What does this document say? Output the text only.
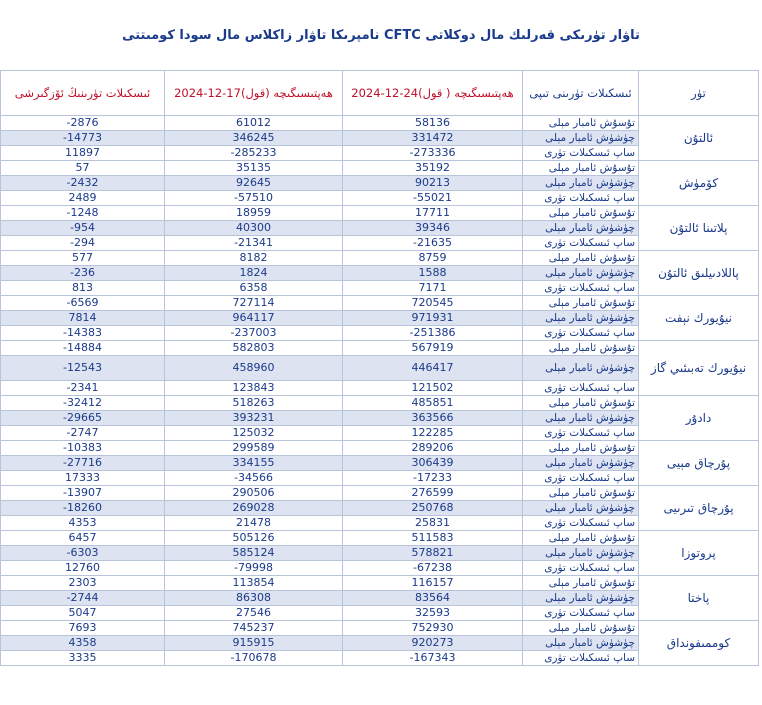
نامپرىكا تاۋار زاكلاس مال سودا كومىتتى CFTC تاۋار تۈرىكى قەرلىك مال دوكلاتى
ئىسكىلات تۈرىنىڭ ئۆزگىرشى	2024-12-17ھەپتىسىگىچە (قول)	2024-12-24ھەپتىسىگىچە ( قول)	ئىسكىلات تۈرىنى تىپى	تۈر
-2876	61012	58136	تۇسۇش ئامبار مېلى	ئالتۇن
-14773	346245	331472	چۈشۈش ئامبار مېلى	
11897	-285233	-273336	ساپ ئىسكىلات تۈرى	
57	35135	35192	تۇسۇش ئامبار مېلى	كۆمۈش
-2432	92645	90213	چۈشۈش ئامبار مېلى	
2489	-57510	-55021	ساپ ئىسكىلات تۈرى	
-1248	18959	17711	تۇسۇش ئامبار مېلى	پلاتىنا ئالتۇن
-954	40300	39346	چۈشۈش ئامبار مېلى	
-294	-21341	-21635	ساپ ئىسكىلات تۈرى	
577	8182	8759	تۇسۇش ئامبار مېلى	پاللادىيلىق ئالتۇن
-236	1824	1588	چۈشۈش ئامبار مېلى	
813	6358	7171	ساپ ئىسكىلات تۈرى	
-6569	727114	720545	تۇسۇش ئامبار مېلى	نيۇيورك نېفت
7814	964117	971931	چۈشۈش ئامبار مېلى	
-14383	-237003	-251386	ساپ ئىسكىلات تۈرى	
-14884	582803	567919	تۇسۇش ئامبار مېلى	نيۇيورك تەبىئىي گاز
-12543	458960	446417	چۈشۈش ئامبار مېلى	
-2341	123843	121502	ساپ ئىسكىلات تۈرى	
-32412	518263	485851	تۇسۇش ئامبار مېلى	دادۇر
-29665	393231	363566	چۈشۈش ئامبار مېلى	
-2747	125032	122285	ساپ ئىسكىلات تۈرى	
-10383	299589	289206	تۇسۇش ئامبار مېلى	پۇرچاق مېيى
-27716	334155	306439	چۈشۈش ئامبار مېلى	
17333	-34566	-17233	ساپ ئىسكىلات تۈرى	
-13907	290506	276599	تۇسۇش ئامبار مېلى	پۇرچاق تىرىيى
-18260	269028	250768	چۈشۈش ئامبار مېلى	
4353	21478	25831	ساپ ئىسكىلات تۈرى	
6457	505126	511583	تۇسۇش ئامبار مېلى	پروتوزا
-6303	585124	578821	چۈشۈش ئامبار مېلى	
12760	-79998	-67238	ساپ ئىسكىلات تۈرى	
2303	113854	116157	تۇسۇش ئامبار مېلى	پاختا
-2744	86308	83564	چۈشۈش ئامبار مېلى	
5047	27546	32593	ساپ ئىسكىلات تۈرى	
7693	745237	752930	تۇسۇش ئامبار مېلى	كوممىفونداق
4358	915915	920273	چۈشۈش ئامبار مېلى	
3335	-170678	-167343	ساپ ئىسكىلات تۈرى	
